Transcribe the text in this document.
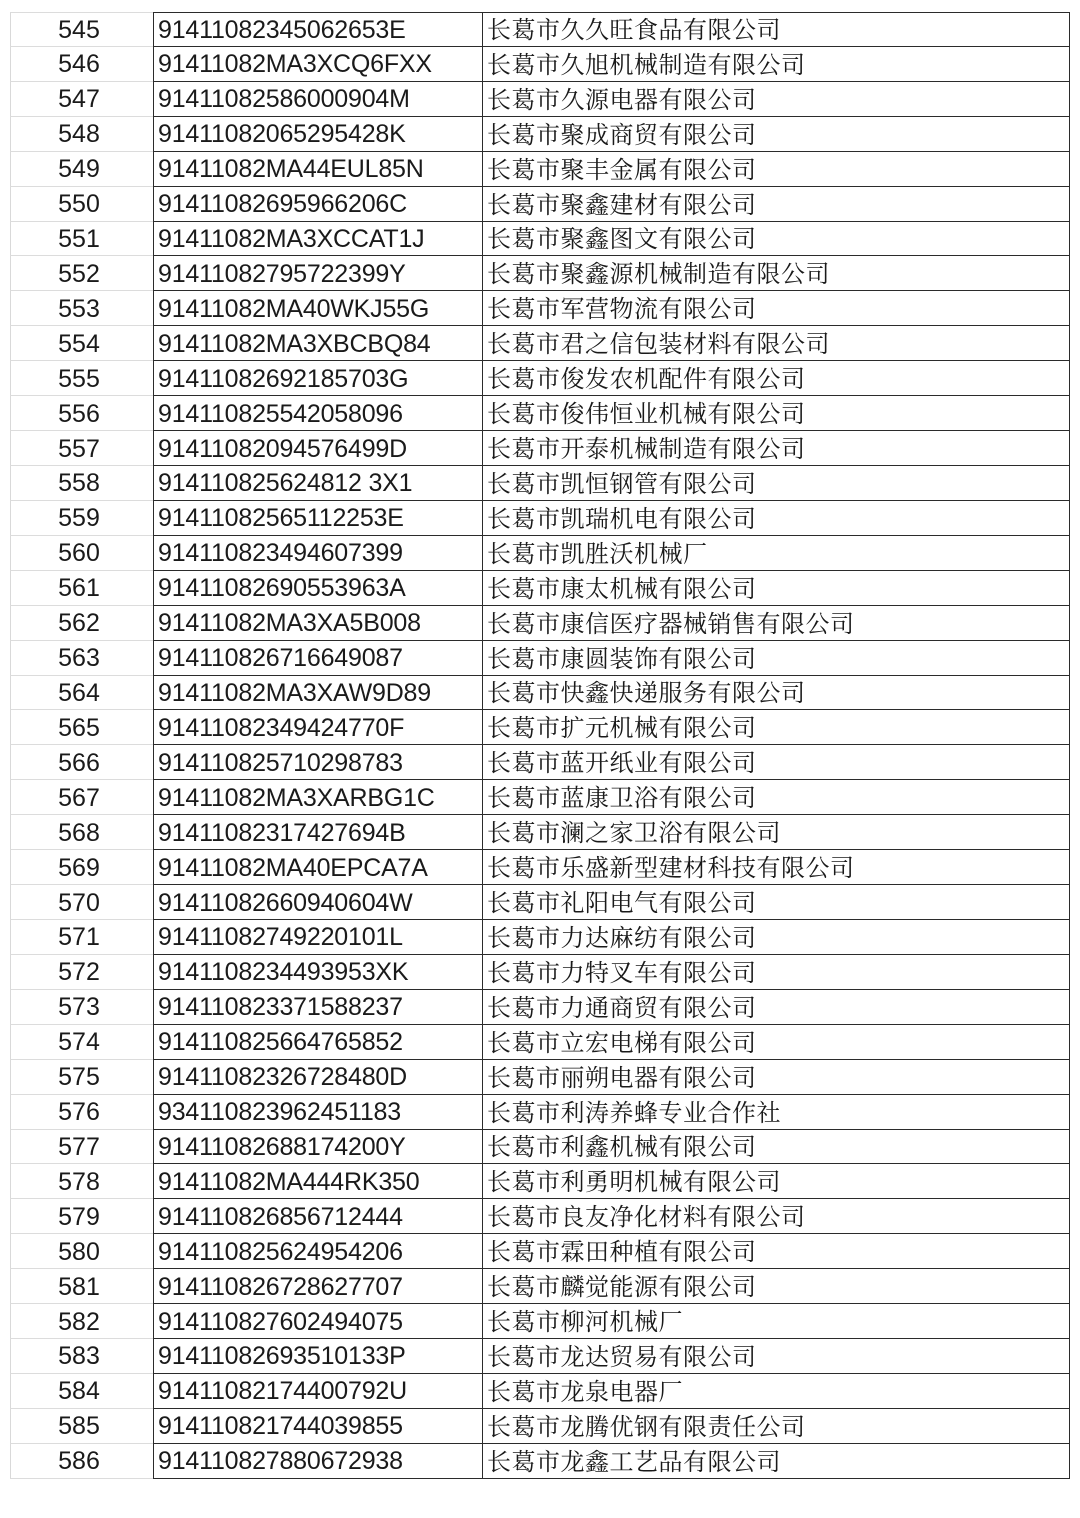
545	91411082345062653E	长葛市久久旺食品有限公司
546	91411082MA3XCQ6FXX	长葛市久旭机械制造有限公司
547	91411082586000904M	长葛市久源电器有限公司
548	91411082065295428K	长葛市聚成商贸有限公司
549	91411082MA44EUL85N	长葛市聚丰金属有限公司
550	91411082695966206C	长葛市聚鑫建材有限公司
551	91411082MA3XCCAT1J	长葛市聚鑫图文有限公司
552	91411082795722399Y	长葛市聚鑫源机械制造有限公司
553	91411082MA40WKJ55G	长葛市军营物流有限公司
554	91411082MA3XBCBQ84	长葛市君之信包装材料有限公司
555	91411082692185703G	长葛市俊发农机配件有限公司
556	914110825542058096	长葛市俊伟恒业机械有限公司
557	91411082094576499D	长葛市开泰机械制造有限公司
558	914110825624812 3X1	长葛市凯恒钢管有限公司
559	91411082565112253E	长葛市凯瑞机电有限公司
560	914110823494607399	长葛市凯胜沃机械厂
561	91411082690553963A	长葛市康太机械有限公司
562	91411082MA3XA5B008	长葛市康信医疗器械销售有限公司
563	914110826716649087	长葛市康圆装饰有限公司
564	91411082MA3XAW9D89	长葛市快鑫快递服务有限公司
565	91411082349424770F	长葛市扩元机械有限公司
566	914110825710298783	长葛市蓝开纸业有限公司
567	91411082MA3XARBG1C	长葛市蓝康卫浴有限公司
568	91411082317427694B	长葛市澜之家卫浴有限公司
569	91411082MA40EPCA7A	长葛市乐盛新型建材科技有限公司
570	91411082660940604W	长葛市礼阳电气有限公司
571	91411082749220101L	长葛市力达麻纺有限公司
572	9141108234493953XK	长葛市力特叉车有限公司
573	914110823371588237	长葛市力通商贸有限公司
574	914110825664765852	长葛市立宏电梯有限公司
575	91411082326728480D	长葛市丽朔电器有限公司
576	934110823962451183	长葛市利涛养蜂专业合作社
577	91411082688174200Y	长葛市利鑫机械有限公司
578	91411082MA444RK350	长葛市利勇明机械有限公司
579	914110826856712444	长葛市良友净化材料有限公司
580	914110825624954206	长葛市霖田种植有限公司
581	914110826728627707	长葛市麟觉能源有限公司
582	914110827602494075	长葛市柳河机械厂
583	91411082693510133P	长葛市龙达贸易有限公司
584	91411082174400792U	长葛市龙泉电器厂
585	914110821744039855	长葛市龙腾优钢有限责任公司
586	914110827880672938	长葛市龙鑫工艺品有限公司
